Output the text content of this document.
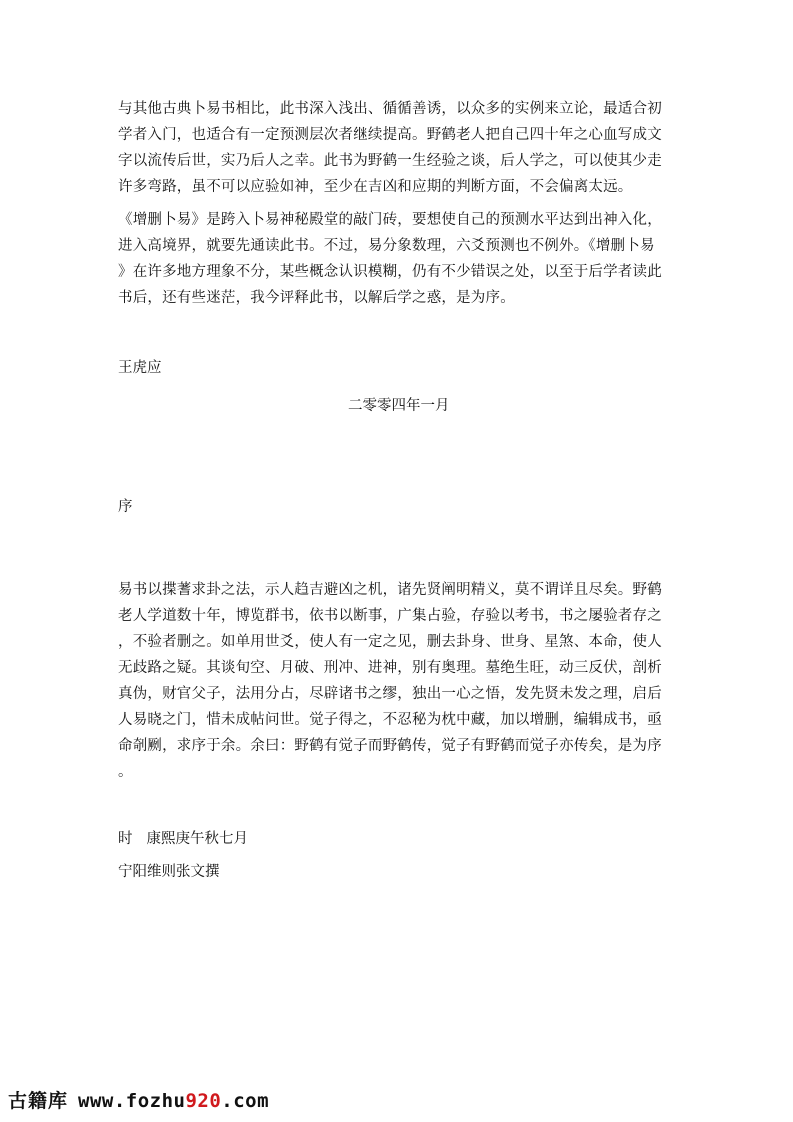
与其他古典卜易书相比，此书深入浅出、循循善诱，以众多的实例来立论，最适合初
学者入门，也适合有一定预测层次者继续提高。野鹤老人把自己四十年之心血写成文
字以流传后世，实乃后人之幸。此书为野鹤一生经验之谈，后人学之，可以使其少走
许多弯路，虽不可以应验如神，至少在吉凶和应期的判断方面，不会偏离太远。
《增删卜易》是跨入卜易神秘殿堂的敲门砖，要想使自己的预测水平达到出神入化，
进入高境界，就要先通读此书。不过，易分象数理，六爻预测也不例外。《增删卜易
》在许多地方理象不分，某些概念认识模糊，仍有不少错误之处，以至于后学者读此
书后，还有些迷茫，我今评释此书，以解后学之惑，是为序。

王虎应

二零零四年一月

序

易书以揲蓍求卦之法，示人趋吉避凶之机，诸先贤阐明精义，莫不谓详且尽矣。野鹤
老人学道数十年，博览群书，依书以断事，广集占验，存验以考书，书之屡验者存之
，不验者删之。如单用世爻，使人有一定之见，删去卦身、世身、星煞、本命，使人
无歧路之疑。其谈旬空、月破、刑冲、进神，别有奥理。墓绝生旺，动三反伏，剖析
真伪，财官父子，法用分占，尽辟诸书之缪，独出一心之悟，发先贤未发之理，启后
人易晓之门，惜未成帖问世。觉子得之，不忍秘为枕中藏，加以增删，编辑成书，亟
命剞劂，求序于余。余曰：野鹤有觉子而野鹤传，觉子有野鹤而觉子亦传矣，是为序
。

时 康熙庚午秋七月

宁阳维则张文撰

古籍库 www.fozhu920.com
